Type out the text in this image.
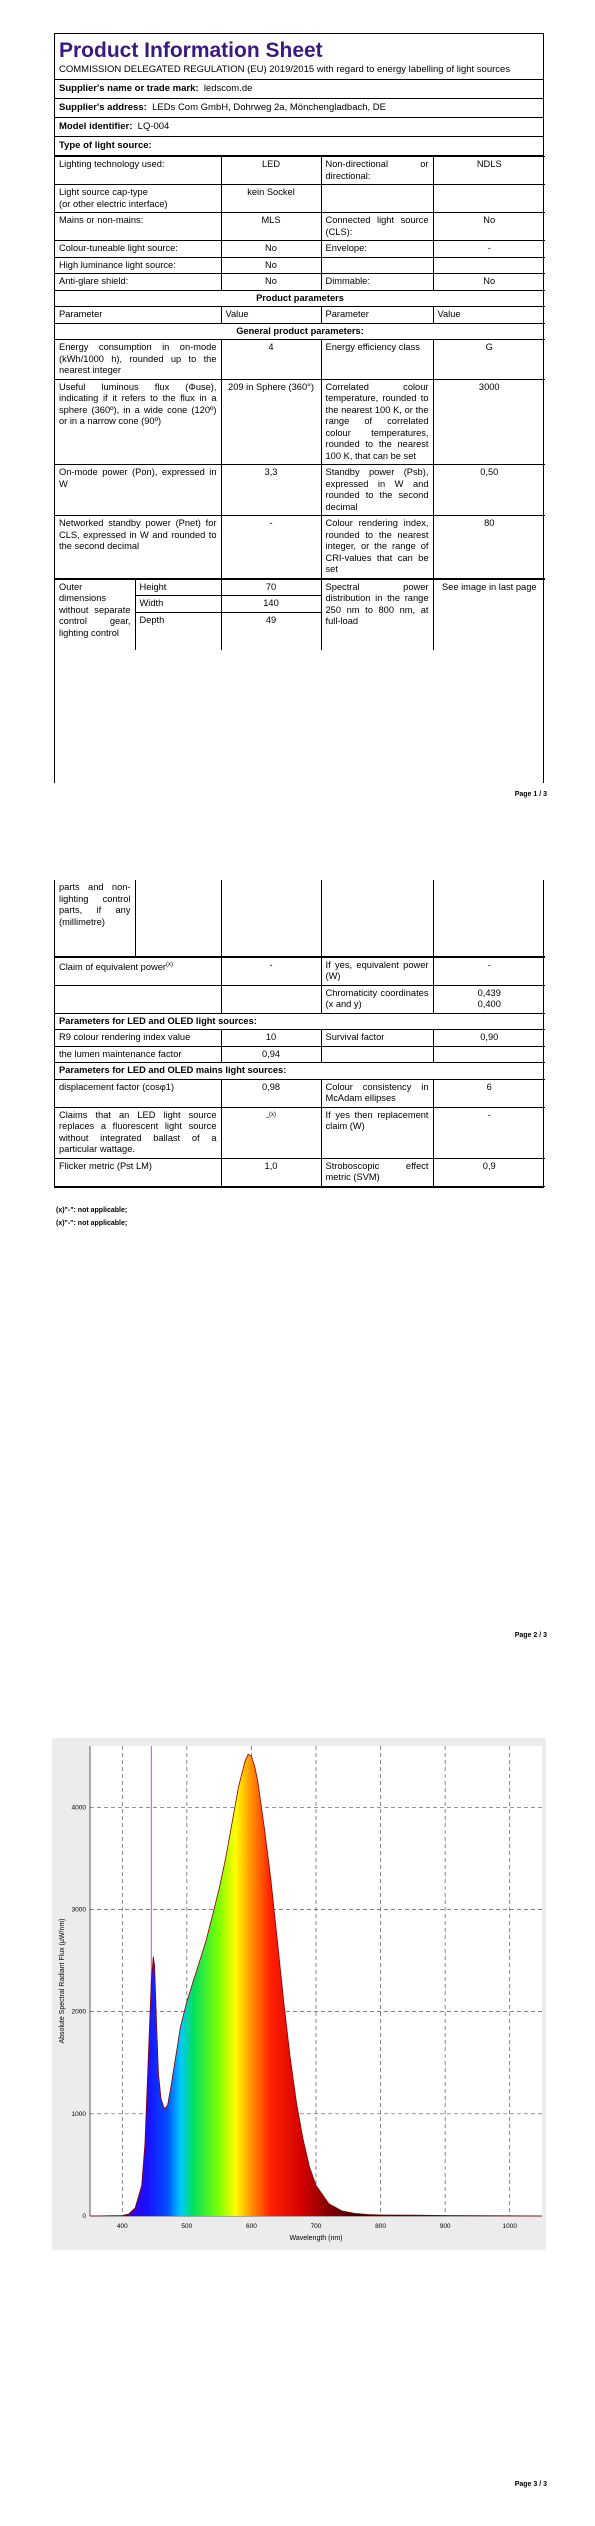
Product Information Sheet
COMMISSION DELEGATED REGULATION (EU) 2019/2015 with regard to energy labelling of light sources
Supplier's name or trade mark: ledscom.de
Supplier's address: LEDs Com GmbH, Dohrweg 2a, Mönchengladbach, DE
Model identifier: LQ-004
Type of light source:
Lighting technology used:	LED	Non-directional or directional:	NDLS
Light source cap-type
(or other electric interface)	kein Sockel		
Mains or non-mains:	MLS	Connected light source (CLS):	No
Colour-tuneable light source:	No	Envelope:	-
High luminance light source:	No		
Anti-glare shield:	No	Dimmable:	No
Product parameters			
Parameter	Value	Parameter	Value
General product parameters:			
Energy consumption in on-mode (kWh/1000 h), rounded up to the nearest integer	4	Energy efficiency class	G
Useful luminous flux (Φuse), indicating if it refers to the flux in a sphere (360º), in a wide cone (120º) or in a narrow cone (90º)	209 in Sphere (360°)	Correlated colour temperature, rounded to the nearest 100 K, or the range of correlated colour temperatures, rounded to the nearest 100 K, that can be set	3000
On-mode power (Pon), expressed in W	3,3	Standby power (Psb), expressed in W and rounded to the second decimal	0,50
Networked standby power (Pnet) for CLS, expressed in W and rounded to the second decimal	-	Colour rendering index, rounded to the nearest integer, or the range of CRI-values that can be set	80
Outer dimensions without separate control gear, lighting control	Height	70	Spectral power distribution in the range 250 nm to 800 nm, at full-load	See image in last page
	Width	140		
	Depth	49		

Page 1 / 3
parts and non-lighting control parts, if any (millimetre)				
Claim of equivalent power$^{(x)}$	-	If yes, equivalent power (W)	-
		Chromaticity coordinates (x and y)	0,439
0,400
Parameters for LED and OLED light sources:			
R9 colour rendering index value	10	Survival factor	0,90
the lumen maintenance factor	0,94		
Parameters for LED and OLED mains light sources:			
displacement factor (cosφ1)	0,98	Colour consistency in McAdam ellipses	6
Claims that an LED light source replaces a fluorescent light source without integrated ballast of a particular wattage.	-$^{(x)}$	If yes then replacement claim (W)	-
Flicker metric (Pst LM)	1,0	Stroboscopic effect metric (SVM)	0,9
(x)"-": not applicable;
(x)"-": not applicable;
Page 2 / 3
400	500	600	700	800	900	1000
0
1000
2000
3000
4000
Wavelength (nm)
Absolute Spectral Radiant Flux (µW/nm)
Page 3 / 3
